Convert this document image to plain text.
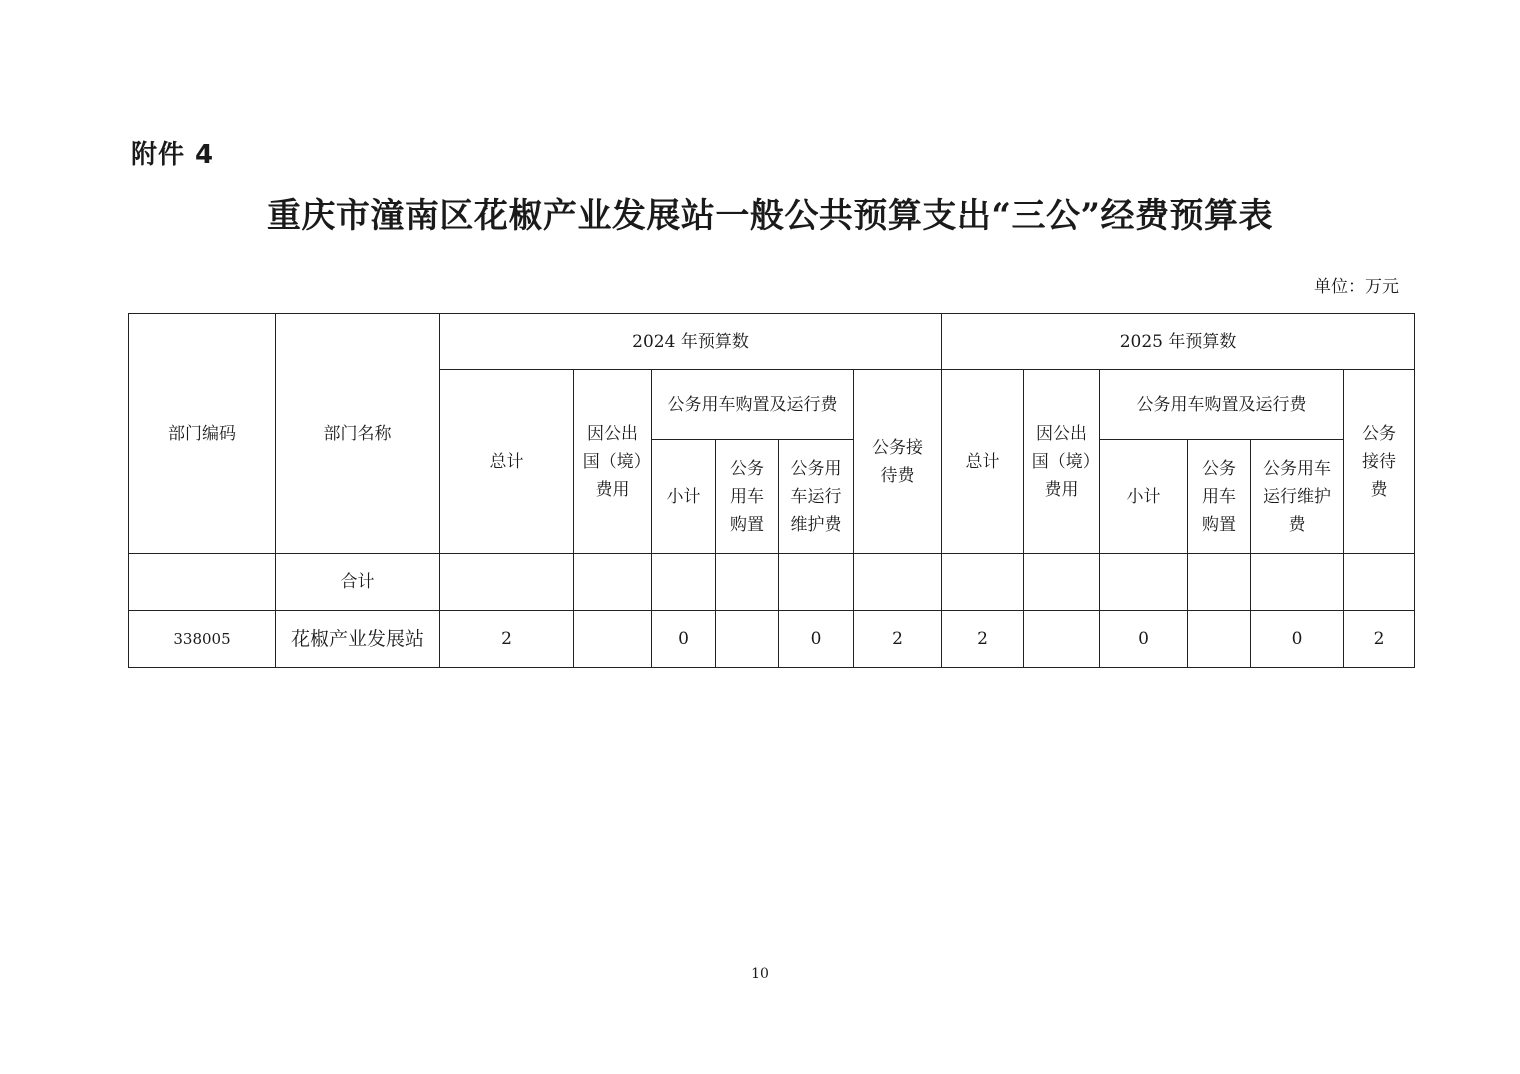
附件 4
重庆市潼南区花椒产业发展站一般公共预算支出“三公”经费预算表
单位：万元
部门编码	部门名称	2024 年预算数						2025 年预算数					
		总计	因公出国（境）费用	公务用车购置及运行费			公务接待费	总计	因公出国（境）费用	公务用车购置及运行费			公务接待费
				小计	公务用车购置	公务用车运行维护费				小计	公务用车购置	公务用车运行维护费	
	合计												
338005	花椒产业发展站	2		0		0	2	2		0		0	2
10
